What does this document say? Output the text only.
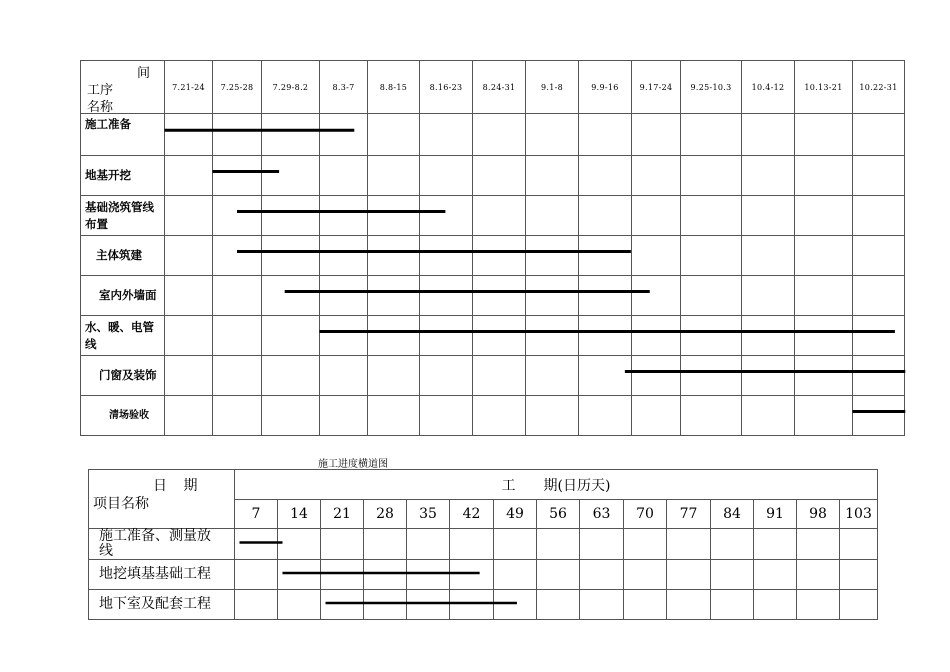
间
工序
名称	7.21-24	7.25-28	7.29-8.2	8.3-7	8.8-15	8.16-23	8.24-31	9.1-8	9.9-16	9.17-24	9.25-10.3	10.4-12	10.13-21	10.22-31
施工准备														
地基开挖														
基础浇筑管线布置														
主体筑建														
室内外墙面														

水、暖、电管线														

门窗及装饰														
清场验收														
施工进度横道图
日 期
项目名称	工　　期(日历天)														
	7	14	21	28	35	42	49	56	63	70	77	84	91	98	103
施工准备、测量放线															
地挖填基基础工程															
地下室及配套工程															
